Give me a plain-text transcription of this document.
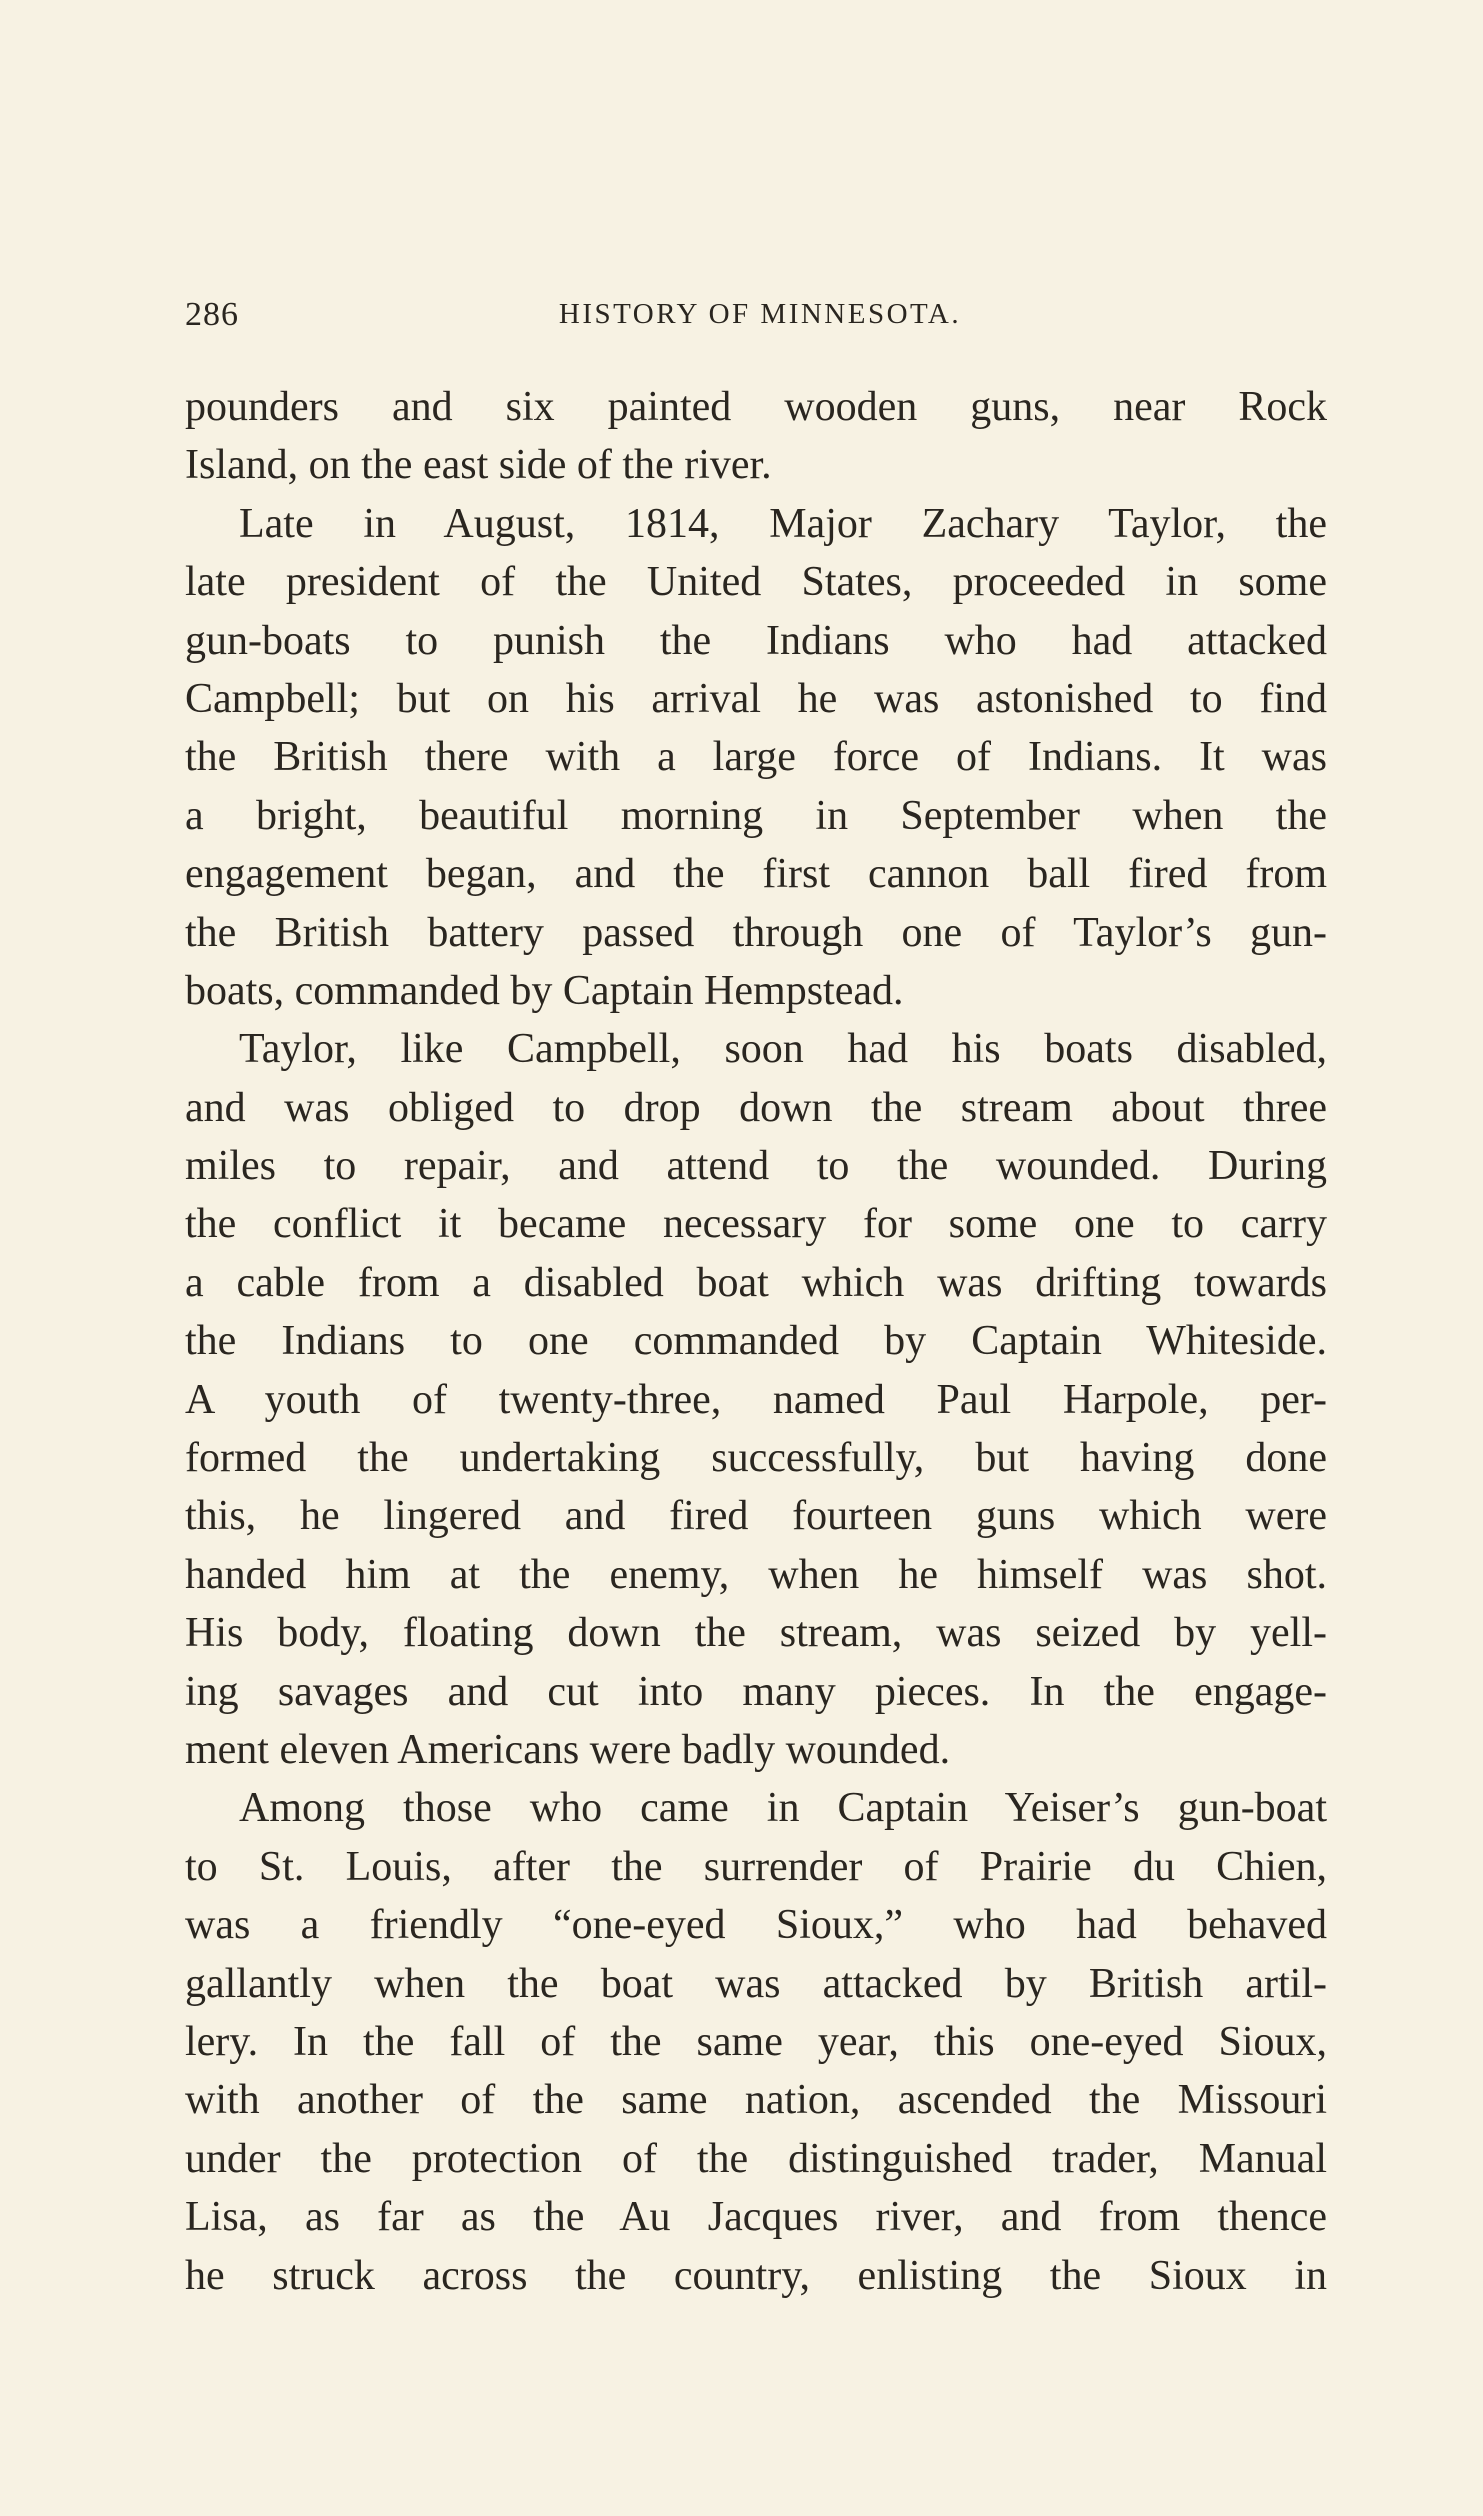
286	HISTORY OF MINNESOTA.
pounders and six painted wooden guns, near Rock
Island, on the east side of the river.
Late in August, 1814, Major Zachary Taylor, the
late president of the United States, proceeded in some
gun-boats to punish the Indians who had attacked
Campbell; but on his arrival he was astonished to find
the British there with a large force of Indians. It was
a bright, beautiful morning in September when the
engagement began, and the first cannon ball fired from
the British battery passed through one of Taylor’s gun-
boats, commanded by Captain Hempstead.
Taylor, like Campbell, soon had his boats disabled,
and was obliged to drop down the stream about three
miles to repair, and attend to the wounded. During
the conflict it became necessary for some one to carry
a cable from a disabled boat which was drifting towards
the Indians to one commanded by Captain Whiteside.
A youth of twenty-three, named Paul Harpole, per-
formed the undertaking successfully, but having done
this, he lingered and fired fourteen guns which were
handed him at the enemy, when he himself was shot.
His body, floating down the stream, was seized by yell-
ing savages and cut into many pieces. In the engage-
ment eleven Americans were badly wounded.
Among those who came in Captain Yeiser’s gun-boat
to St. Louis, after the surrender of Prairie du Chien,
was a friendly “one-eyed Sioux,” who had behaved
gallantly when the boat was attacked by British artil-
lery. In the fall of the same year, this one-eyed Sioux,
with another of the same nation, ascended the Missouri
under the protection of the distinguished trader, Manual
Lisa, as far as the Au Jacques river, and from thence
he struck across the country, enlisting the Sioux in
